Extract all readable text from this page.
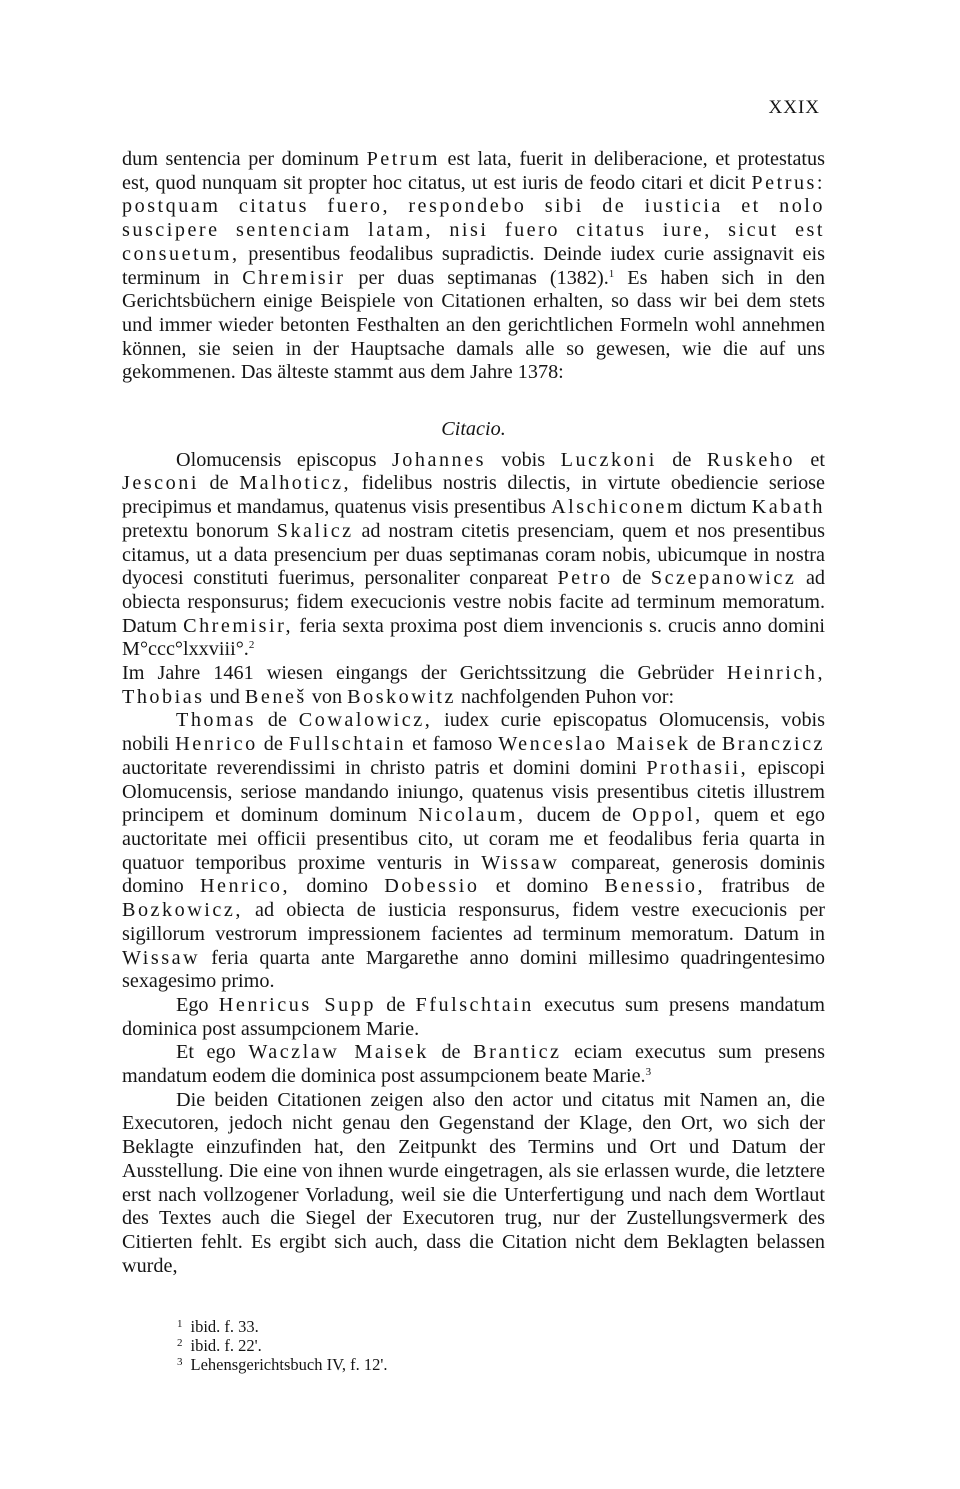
XXIX

dum sentencia per dominum Petrum est lata, fuerit in deliberacione, et protestatus est, quod nunquam sit propter hoc citatus, ut est iuris de feodo citari et dicit Petrus: postquam citatus fuero, respondebo sibi de iusticia et nolo suscipere sentenciam latam, nisi fuero citatus iure, sicut est consuetum, presentibus feodalibus supradictis. Deinde iudex curie assignavit eis terminum in Chremisir per duas septimanas (1382).$^1$ Es haben sich in den Gerichtsbüchern einige Beispiele von Citationen erhalten, so dass wir bei dem stets und immer wieder betonten Festhalten an den gerichtlichen Formeln wohl annehmen können, sie seien in der Hauptsache damals alle so gewesen, wie die auf uns gekommenen. Das älteste stammt aus dem Jahre 1378:

Citacio.

Olomucensis episcopus Johannes vobis Luczkoni de Ruskeho et Jesconi de Malhoticz, fidelibus nostris dilectis, in virtute obediencie seriose precipimus et mandamus, quatenus visis presentibus Alschiconem dictum Kabath pretextu bonorum Skalicz ad nostram citetis presenciam, quem et nos presentibus citamus, ut a data presencium per duas septimanas coram nobis, ubicumque in nostra dyocesi constituti fuerimus, personaliter conpareat Petro de Sczepanowicz ad obiecta responsurus; fidem execucionis vestre nobis facite ad terminum memoratum. Datum Chremisir, feria sexta proxima post diem invencionis s. crucis anno domini M°ccc°lxxviii°.$^2$

Im Jahre 1461 wiesen eingangs der Gerichtssitzung die Gebrüder Heinrich, Thobias und Beneš von Boskowitz nachfolgenden Puhon vor:

Thomas de Cowalowicz, iudex curie episcopatus Olomucensis, vobis nobili Henrico de Fullschtain et famoso Wenceslao Maisek de Branczicz auctoritate reverendissimi in christo patris et domini domini Prothasii, episcopi Olomucensis, seriose mandando iniungo, quatenus visis presentibus citetis illustrem principem et dominum dominum Nicolaum, ducem de Oppol, quem et ego auctoritate mei officii presentibus cito, ut coram me et feodalibus feria quarta in quatuor temporibus proxime venturis in Wissaw compareat, generosis dominis domino Henrico, domino Dobessio et domino Benessio, fratribus de Bozkowicz, ad obiecta de iusticia responsurus, fidem vestre execucionis per sigillorum vestrorum impressionem facientes ad terminum memoratum. Datum in Wissaw feria quarta ante Margarethe anno domini millesimo quadringentesimo sexagesimo primo.

Ego Henricus Supp de Ffulschtain executus sum presens mandatum dominica post assumpcionem Marie.

Et ego Waczlaw Maisek de Branticz eciam executus sum presens mandatum eodem die dominica post assumpcionem beate Marie.$^3$

Die beiden Citationen zeigen also den actor und citatus mit Namen an, die Executoren, jedoch nicht genau den Gegenstand der Klage, den Ort, wo sich der Beklagte einzufinden hat, den Zeitpunkt des Termins und Ort und Datum der Ausstellung. Die eine von ihnen wurde eingetragen, als sie erlassen wurde, die letztere erst nach vollzogener Vorladung, weil sie die Unterfertigung und nach dem Wortlaut des Textes auch die Siegel der Executoren trug, nur der Zustellungsvermerk des Citierten fehlt. Es ergibt sich auch, dass die Citation nicht dem Beklagten belassen wurde,

$^1$ ibid. f. 33.
$^2$ ibid. f. 22'.
$^3$ Lehensgerichtsbuch IV, f. 12'.
